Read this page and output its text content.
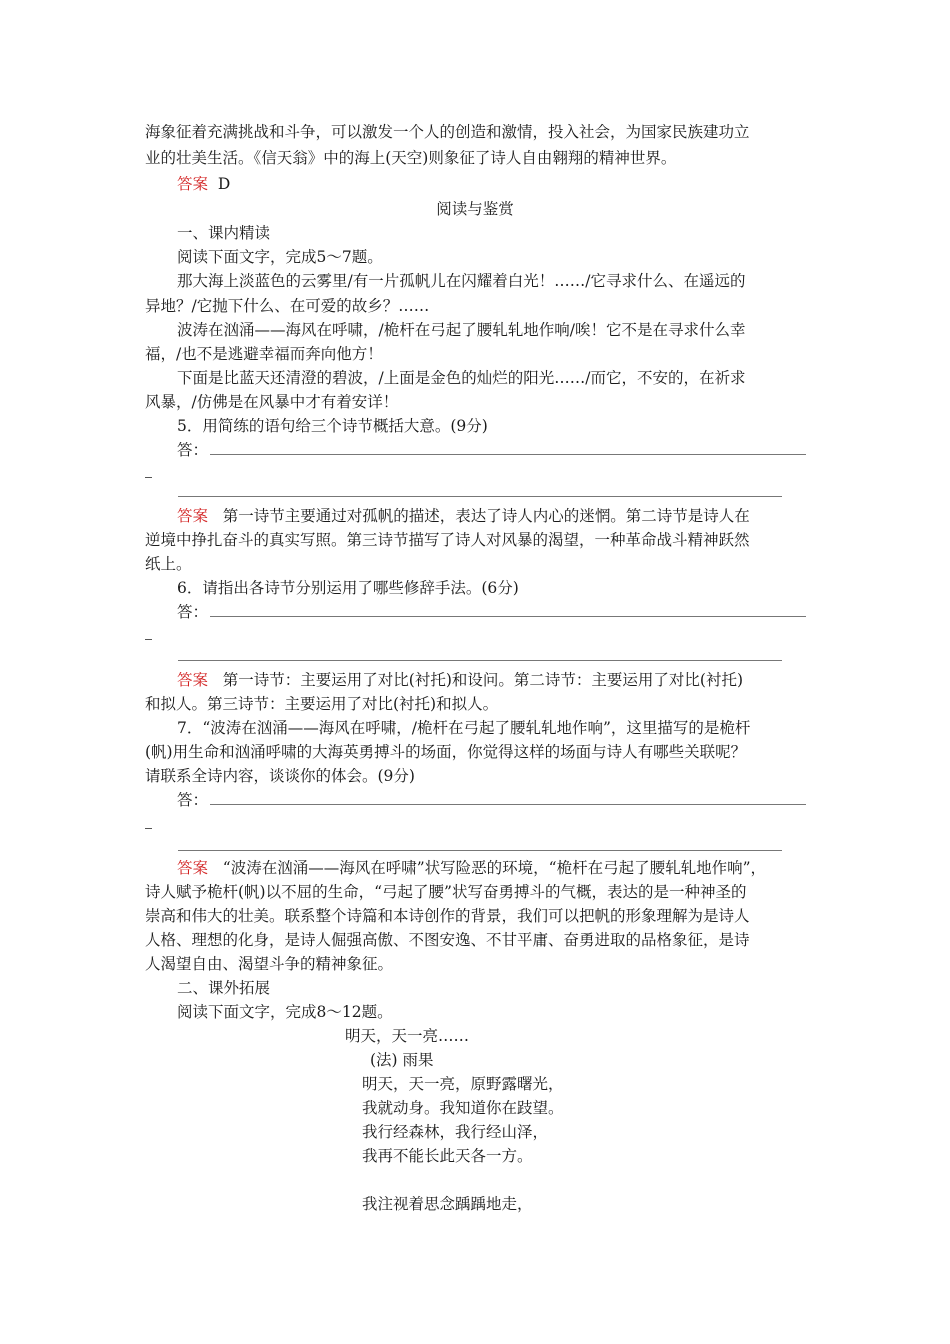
海象征着充满挑战和斗争，可以激发一个人的创造和激情，投入社会，为国家民族建功立
业的壮美生活。《信天翁》中的海上(天空)则象征了诗人自由翱翔的精神世界。
答案 D
阅读与鉴赏
一、课内精读
阅读下面文字，完成5～7题。
那大海上淡蓝色的云雾里/有一片孤帆儿在闪耀着白光！……/它寻求什么、在遥远的
异地？/它抛下什么、在可爱的故乡？……
波涛在汹涌——海风在呼啸，/桅杆在弓起了腰轧轧地作响/唉！它不是在寻求什么幸
福，/也不是逃避幸福而奔向他方！
下面是比蓝天还清澄的碧波，/上面是金色的灿烂的阳光……/而它，不安的，在祈求
风暴，/仿佛是在风暴中才有着安详！
5．用简练的语句给三个诗节概括大意。(9分)
答：
答案 第一诗节主要通过对孤帆的描述，表达了诗人内心的迷惘。第二诗节是诗人在
逆境中挣扎奋斗的真实写照。第三诗节描写了诗人对风暴的渴望，一种革命战斗精神跃然
纸上。
6．请指出各诗节分别运用了哪些修辞手法。(6分)
答：
答案 第一诗节：主要运用了对比(衬托)和设问。第二诗节：主要运用了对比(衬托)
和拟人。第三诗节：主要运用了对比(衬托)和拟人。
7．“波涛在汹涌——海风在呼啸，/桅杆在弓起了腰轧轧地作响”，这里描写的是桅杆
(帆)用生命和汹涌呼啸的大海英勇搏斗的场面，你觉得这样的场面与诗人有哪些关联呢？
请联系全诗内容，谈谈你的体会。(9分)
答：
答案 “波涛在汹涌——海风在呼啸”状写险恶的环境，“桅杆在弓起了腰轧轧地作响”，
诗人赋予桅杆(帆)以不屈的生命，“弓起了腰”状写奋勇搏斗的气概，表达的是一种神圣的
崇高和伟大的壮美。联系整个诗篇和本诗创作的背景，我们可以把帆的形象理解为是诗人
人格、理想的化身，是诗人倔强高傲、不图安逸、不甘平庸、奋勇进取的品格象征，是诗
人渴望自由、渴望斗争的精神象征。
二、课外拓展
阅读下面文字，完成8～12题。
明天，天一亮……
(法) 雨果
明天，天一亮，原野露曙光，
我就动身。我知道你在跂望。
我行经森林，我行经山泽，
我再不能长此天各一方。
我注视着思念踽踽地走，
